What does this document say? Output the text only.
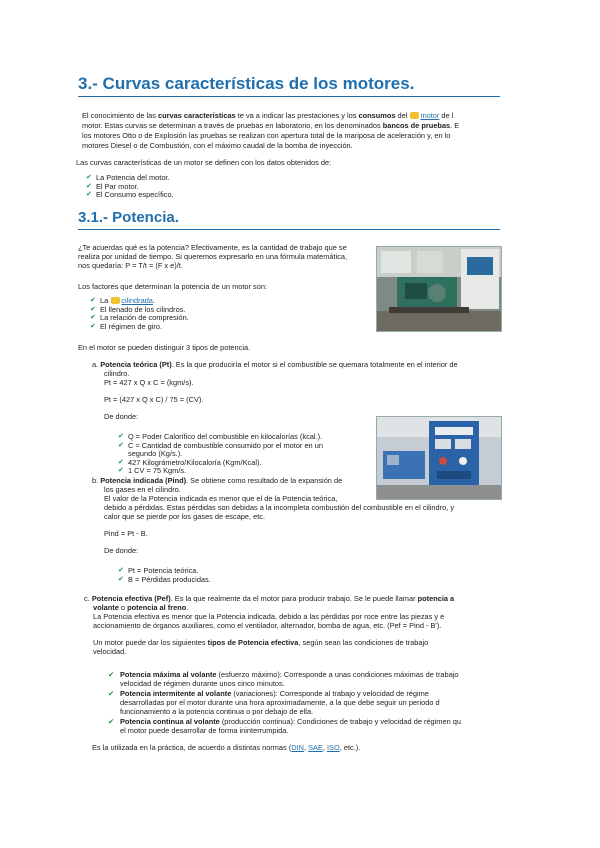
3.- Curvas características de los motores.

El conocimiento de las curvas características te va a indicar las prestaciones y los consumos del motor de l

motor. Estas curvas se determinan a través de pruebas en laboratorio, en los denominados bancos de pruebas. E

los motores Otto o de Explosión las pruebas se realizan con apertura total de la mariposa de aceleración y, en lo

motores Diesel o de Combustión, con el máximo caudal de la bomba de inyección.

Las curvas características de un motor se definen con los datos obtenidos de:

✔ La Potencia del motor.
✔ El Par motor.
✔ El Consumo específico.
3.1.- Potencia.

¿Te acuerdas qué es la potencia? Efectivamente, es la cantidad de trabajo que se

realiza por unidad de tiempo. Si queremos expresarlo en una fórmula matemática,

nos quedaría: P = T/t = (F x e)/t.

Los factores que determinan la potencia de un motor son:

✔ La cilindrada.
✔ El llenado de los cilindros.
✔ La relación de compresión.
✔ El régimen de giro.

En el motor se pueden distinguir 3 tipos de potencia.

a. Potencia teórica (Pt). Es la que produciría el motor si el combustible se quemara totalmente en el interior de

cilindro.

Pt = 427 x Q x C = (kgm/s).

Pt = (427 x Q x C) / 75 = (CV).

De donde:

✔ Q = Poder Calorífico del combustible en kilocalorías (kcal.).
✔ C = Cantidad de combustible consumido por el motor en un
segundo (Kg/s.).
✔ 427 Kilográmetro/Kilocaloría (Kgm/Kcal).
✔ 1 CV = 75 Kgm/s.

b. Potencia indicada (Pind). Se obtiene como resultado de la expansión de

los gases en el cilindro.

El valor de la Potencia indicada es menor que el de la Potencia teórica,

debido a pérdidas. Estas pérdidas son debidas a la incompleta combustión del combustible en el cilindro, y

calor que se pierde por los gases de escape, etc.

Pind = Pt - B.

De donde:

✔ Pt = Potencia teórica.
✔ B = Pérdidas producidas.

c. Potencia efectiva (Pef). Es la que realmente da el motor para producir trabajo. Se le puede llamar potencia a

volante o potencia al freno.

La Potencia efectiva es menor que la Potencia indicada, debido a las pérdidas por roce entre las piezas y e

accionamiento de órganos auxiliares, como el ventilador, alternador, bomba de agua, etc. (Pef = Pind - B').

Un motor puede dar los siguientes tipos de Potencia efectiva, según sean las condiciones de trabajo

velocidad.

✔ Potencia máxima al volante (esfuerzo máximo): Corresponde a unas condiciones máximas de trabajo

velocidad de régimen durante unos cinco minutos.

✔ Potencia intermitente al volante (variaciones): Corresponde al trabajo y velocidad de régime

desarrolladas por el motor durante una hora aproximadamente, a la que debe seguir un periodo d

funcionamiento a la potencia continua o por debajo de ella.

✔ Potencia continua al volante (producción continua): Condiciones de trabajo y velocidad de régimen qu

el motor puede desarrollar de forma ininterrumpida.

Es la utilizada en la práctica, de acuerdo a distintas normas (DIN, SAE, ISO, etc.).
